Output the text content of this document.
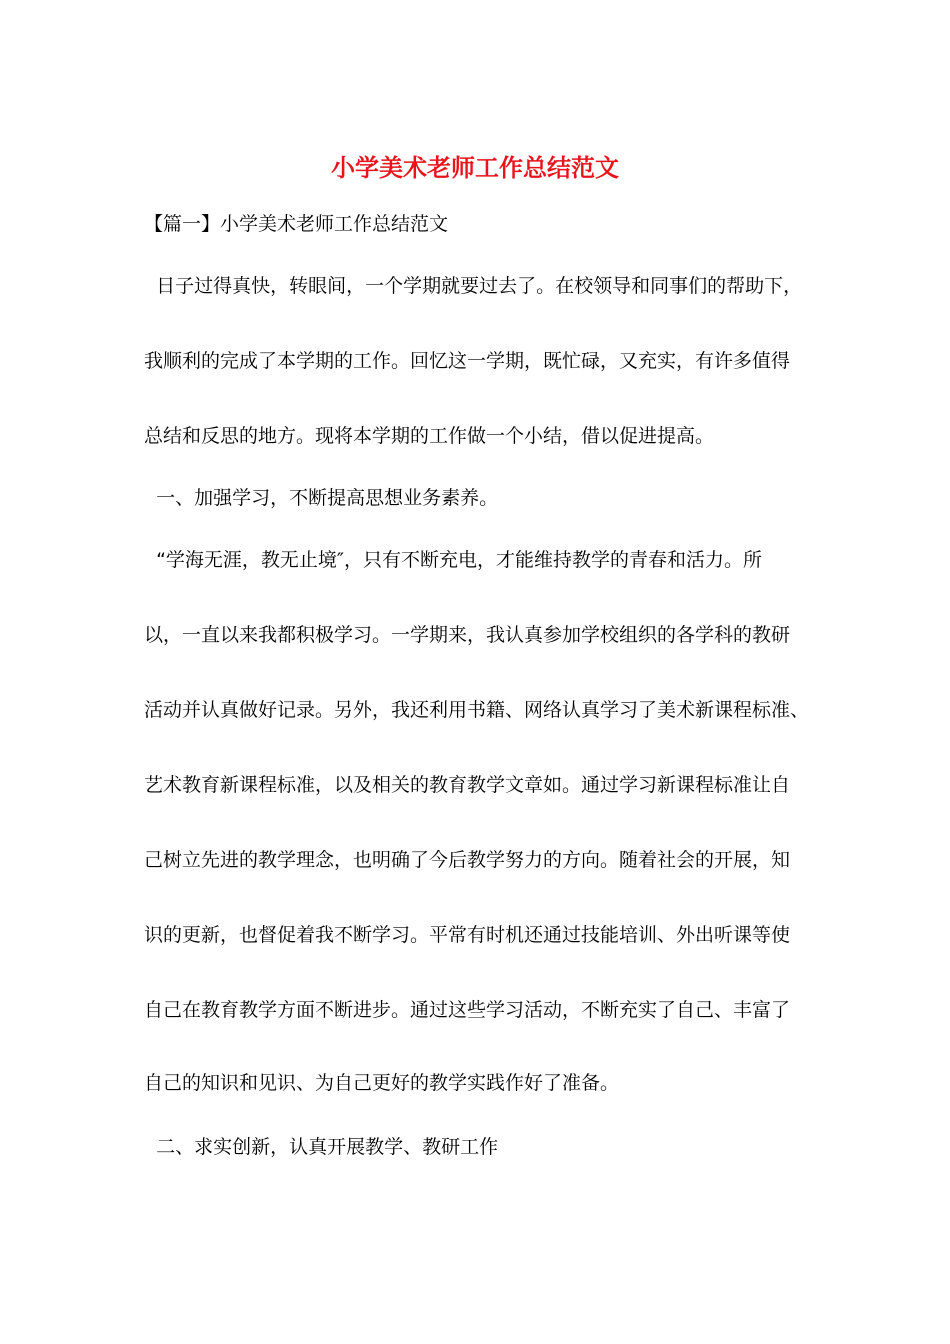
小学美术老师工作总结范文

【篇一】小学美术老师工作总结范文

日子过得真快，转眼间，一个学期就要过去了。在校领导和同事们的帮助下，

我顺利的完成了本学期的工作。回忆这一学期，既忙碌，又充实，有许多值得

总结和反思的地方。现将本学期的工作做一个小结，借以促进提高。

一、加强学习，不断提高思想业务素养。

“学海无涯，教无止境″，只有不断充电，才能维持教学的青春和活力。所

以，一直以来我都积极学习。一学期来，我认真参加学校组织的各学科的教研

活动并认真做好记录。另外，我还利用书籍、网络认真学习了美术新课程标准、

艺术教育新课程标准，以及相关的教育教学文章如。通过学习新课程标准让自

己树立先进的教学理念，也明确了今后教学努力的方向。随着社会的开展，知

识的更新，也督促着我不断学习。平常有时机还通过技能培训、外出听课等使

自己在教育教学方面不断进步。通过这些学习活动，不断充实了自己、丰富了

自己的知识和见识、为自己更好的教学实践作好了准备。

二、求实创新，认真开展教学、教研工作
